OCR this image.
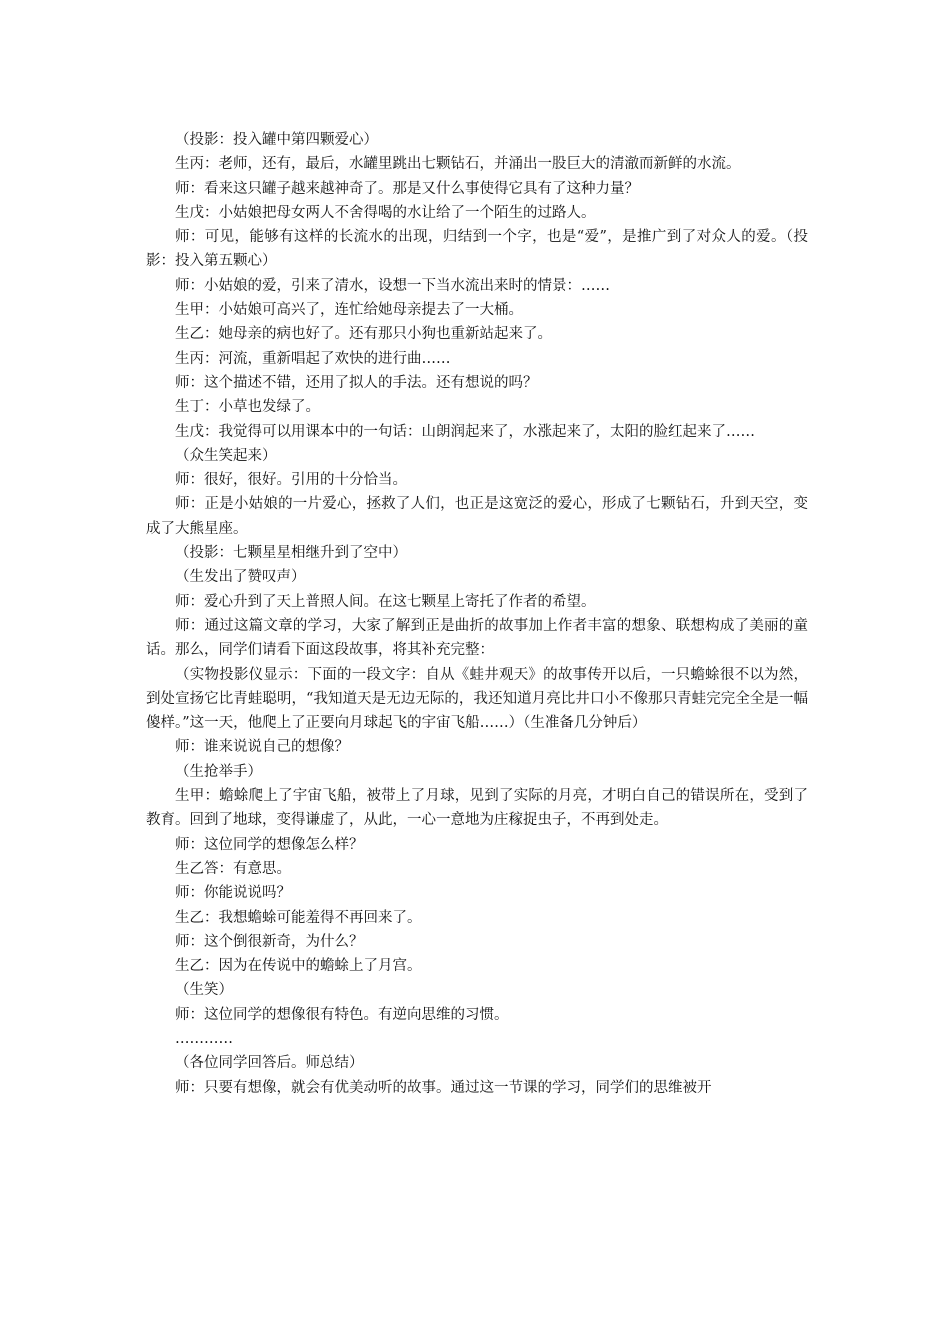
（投影：投入罐中第四颗爱心）

生丙：老师，还有，最后，水罐里跳出七颗钻石，并涌出一股巨大的清澈而新鲜的水流。

师：看来这只罐子越来越神奇了。那是又什么事使得它具有了这种力量？

生戊：小姑娘把母女两人不舍得喝的水让给了一个陌生的过路人。

师：可见，能够有这样的长流水的出现，归结到一个字，也是“爱”，是推广到了对众人的爱。（投影：投入第五颗心）

师：小姑娘的爱，引来了清水，设想一下当水流出来时的情景：……

生甲：小姑娘可高兴了，连忙给她母亲提去了一大桶。

生乙：她母亲的病也好了。还有那只小狗也重新站起来了。

生丙：河流，重新唱起了欢快的进行曲……

师：这个描述不错，还用了拟人的手法。还有想说的吗？

生丁：小草也发绿了。

生戊：我觉得可以用课本中的一句话：山朗润起来了，水涨起来了，太阳的脸红起来了……

（众生笑起来）

师：很好，很好。引用的十分恰当。

师：正是小姑娘的一片爱心，拯救了人们，也正是这宽泛的爱心，形成了七颗钻石，升到天空，变成了大熊星座。

（投影：七颗星星相继升到了空中）

（生发出了赞叹声）

师：爱心升到了天上普照人间。在这七颗星上寄托了作者的希望。

师：通过这篇文章的学习，大家了解到正是曲折的故事加上作者丰富的想象、联想构成了美丽的童话。那么，同学们请看下面这段故事，将其补充完整：

（实物投影仪显示：下面的一段文字：自从《蛙井观天》的故事传开以后，一只蟾蜍很不以为然，到处宣扬它比青蛙聪明，“我知道天是无边无际的，我还知道月亮比井口小不像那只青蛙完完全全是一幅傻样。”这一天，他爬上了正要向月球起飞的宇宙飞船……）（生准备几分钟后）

师：谁来说说自己的想像？

（生抢举手）

生甲：蟾蜍爬上了宇宙飞船，被带上了月球，见到了实际的月亮，才明白自己的错误所在，受到了教育。回到了地球，变得谦虚了，从此，一心一意地为庄稼捉虫子，不再到处走。

师：这位同学的想像怎么样？

生乙答：有意思。

师：你能说说吗？

生乙：我想蟾蜍可能羞得不再回来了。

师：这个倒很新奇，为什么？

生乙：因为在传说中的蟾蜍上了月宫。

（生笑）

师：这位同学的想像很有特色。有逆向思维的习惯。

…………

（各位同学回答后。师总结）

师：只要有想像，就会有优美动听的故事。通过这一节课的学习，同学们的思维被开
